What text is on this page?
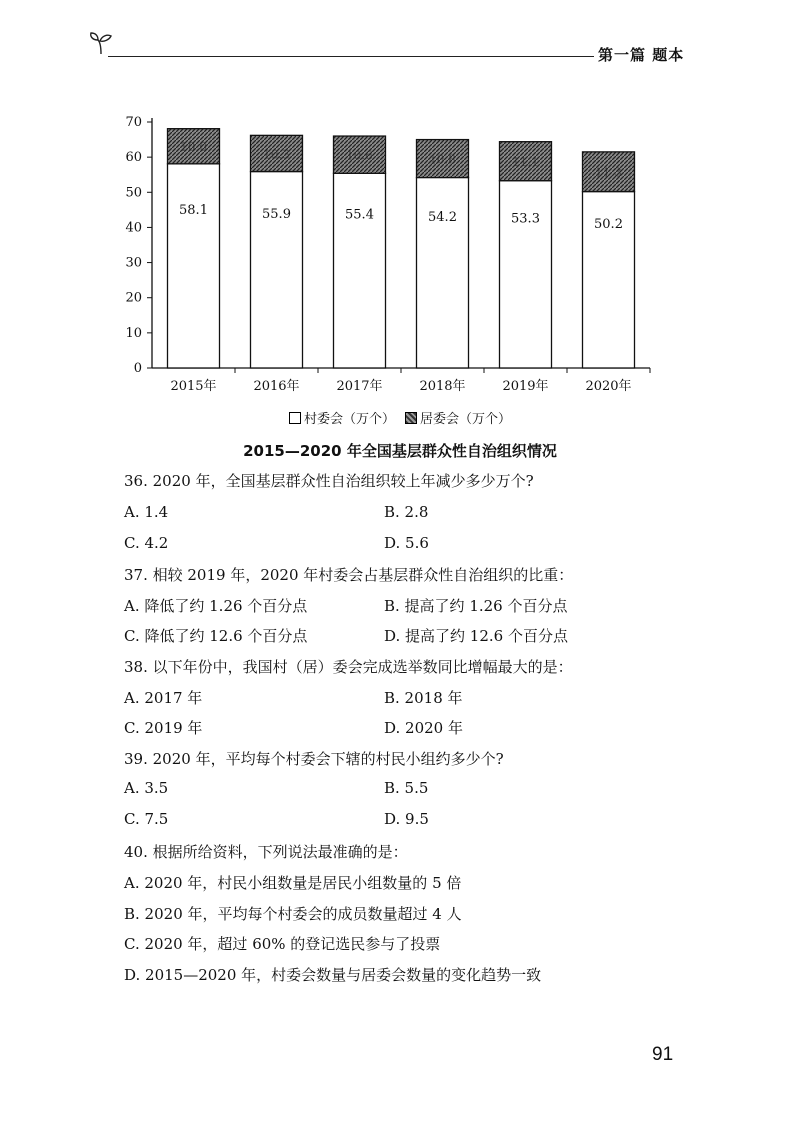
第一篇 题本
0
10
20
30
40
50
60
70
58.1
10.0
2015年
55.9
10.3
2016年
55.4
10.6
2017年
54.2
10.8
2018年
53.3
11.1
2019年
50.2
11.3
2020年
村委会（万个） 居委会（万个）
2015—2020 年全国基层群众性自治组织情况
36. 2020 年，全国基层群众性自治组织较上年减少多少万个?
A. 1.4	B. 2.8
C. 4.2	D. 5.6
37. 相较 2019 年，2020 年村委会占基层群众性自治组织的比重：
A. 降低了约 1.26 个百分点	B. 提高了约 1.26 个百分点
C. 降低了约 12.6 个百分点	D. 提高了约 12.6 个百分点
38. 以下年份中，我国村（居）委会完成选举数同比增幅最大的是：
A. 2017 年	B. 2018 年
C. 2019 年	D. 2020 年
39. 2020 年，平均每个村委会下辖的村民小组约多少个?
A. 3.5	B. 5.5
C. 7.5	D. 9.5
40. 根据所给资料，下列说法最准确的是：
A. 2020 年，村民小组数量是居民小组数量的 5 倍
B. 2020 年，平均每个村委会的成员数量超过 4 人
C. 2020 年，超过 60% 的登记选民参与了投票
D. 2015—2020 年，村委会数量与居委会数量的变化趋势一致
91
